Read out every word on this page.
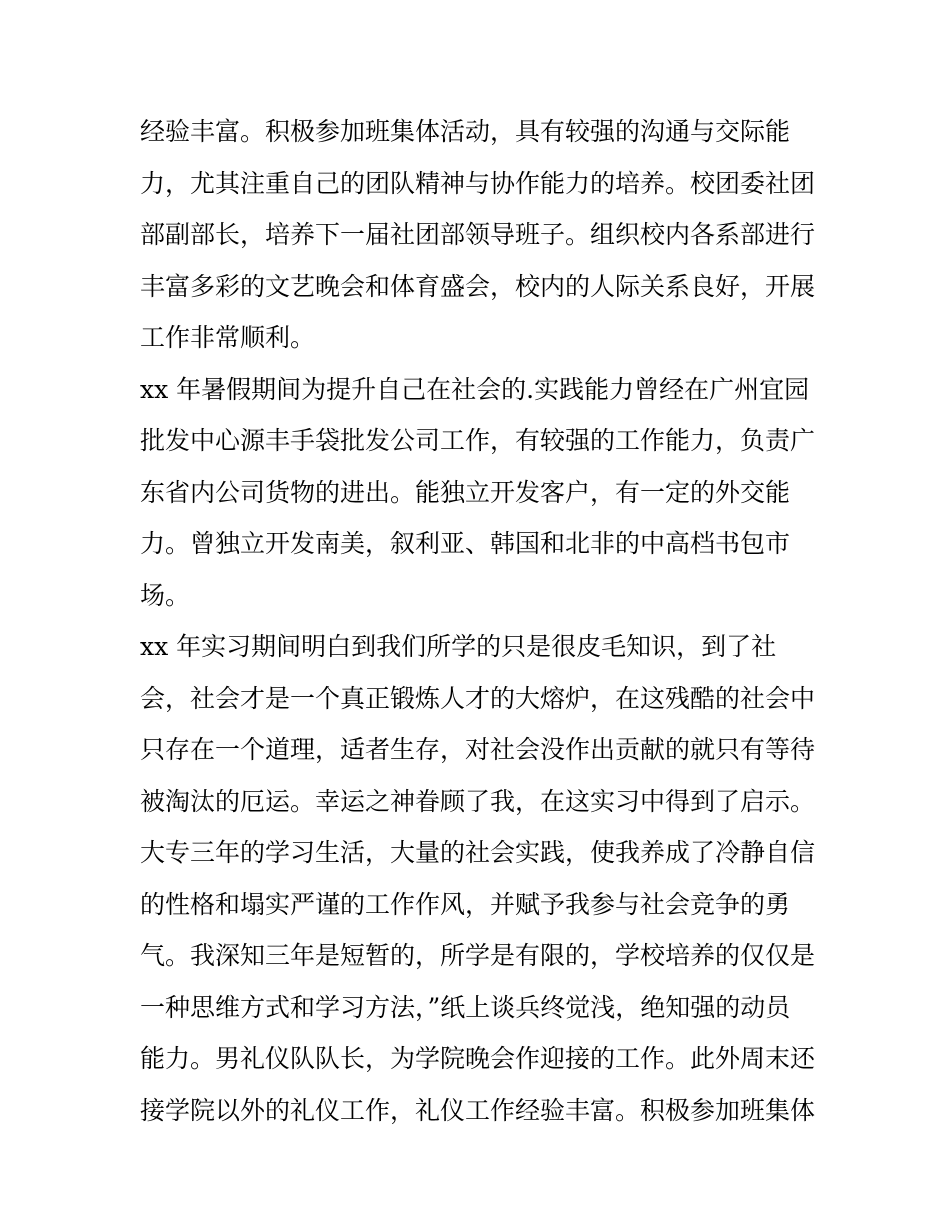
经验丰富。积极参加班集体活动，具有较强的沟通与交际能
力，尤其注重自己的团队精神与协作能力的培养。校团委社团
部副部长，培养下一届社团部领导班子。组织校内各系部进行
丰富多彩的文艺晚会和体育盛会，校内的人际关系良好，开展
工作非常顺利。
xx 年暑假期间为提升自己在社会的.实践能力曾经在广州宜园
批发中心源丰手袋批发公司工作，有较强的工作能力，负责广
东省内公司货物的进出。能独立开发客户，有一定的外交能
力。曾独立开发南美，叙利亚、韩国和北非的中高档书包市
场。
xx 年实习期间明白到我们所学的只是很皮毛知识，到了社
会，社会才是一个真正锻炼人才的大熔炉，在这残酷的社会中
只存在一个道理，适者生存，对社会没作出贡献的就只有等待
被淘汰的厄运。幸运之神眷顾了我，在这实习中得到了启示。
大专三年的学习生活，大量的社会实践，使我养成了冷静自信
的性格和塌实严谨的工作作风，并赋予我参与社会竞争的勇
气。我深知三年是短暂的，所学是有限的，学校培养的仅仅是
一种思维方式和学习方法，”纸上谈兵终觉浅，绝知强的动员
能力。男礼仪队队长，为学院晚会作迎接的工作。此外周末还
接学院以外的礼仪工作，礼仪工作经验丰富。积极参加班集体
